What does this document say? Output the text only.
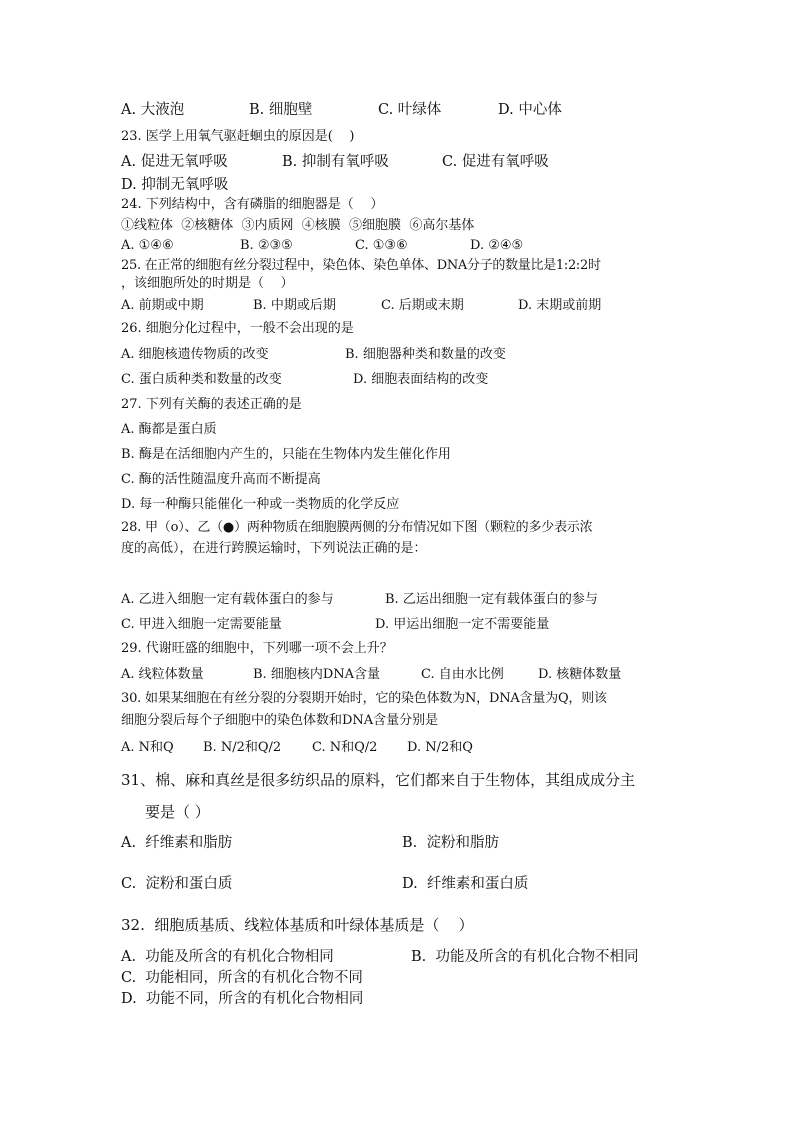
A. 大液泡	B. 细胞壁	C. 叶绿体	D. 中心体
23. 医学上用氧气驱赶蛔虫的原因是(    )
A. 促进无氧呼吸	B. 抑制有氧呼吸	C. 促进有氧呼吸
D. 抑制无氧呼吸
24. 下列结构中，含有磷脂的细胞器是（    ）
①线粒体  ②核糖体  ③内质网  ④核膜  ⑤细胞膜  ⑥高尔基体
A. ①④⑥	B. ②③⑤	C. ①③⑥	D. ②④⑤
25. 在正常的细胞有丝分裂过程中，染色体、染色单体、DNA分子的数量比是1:2:2时
，该细胞所处的时期是（    ）
A. 前期或中期	B. 中期或后期	C. 后期或末期	D. 末期或前期
26. 细胞分化过程中，一般不会出现的是
A. 细胞核遗传物质的改变	B. 细胞器种类和数量的改变
C. 蛋白质种类和数量的改变	D. 细胞表面结构的改变
27. 下列有关酶的表述正确的是
A. 酶都是蛋白质
B. 酶是在活细胞内产生的，只能在生物体内发生催化作用
C. 酶的活性随温度升高而不断提高
D. 每一种酶只能催化一种或一类物质的化学反应
28. 甲（o）、乙（●）两种物质在细胞膜两侧的分布情况如下图（颗粒的多少表示浓
度的高低），在进行跨膜运输时，下列说法正确的是：
A. 乙进入细胞一定有载体蛋白的参与	B. 乙运出细胞一定有载体蛋白的参与
C. 甲进入细胞一定需要能量	D. 甲运出细胞一定不需要能量
29. 代谢旺盛的细胞中，下列哪一项不会上升？
A. 线粒体数量	B. 细胞核内DNA含量	C. 自由水比例	D. 核糖体数量
30. 如果某细胞在有丝分裂的分裂期开始时，它的染色体数为N，DNA含量为Q，则该
细胞分裂后每个子细胞中的染色体数和DNA含量分别是
A. N和Q B. N/2和Q/2 C. N和Q/2 D. N/2和Q
31、棉、麻和真丝是很多纺织品的原料，它们都来自于生物体，其组成成分主
要是（ ）
A.  纤维素和脂肪	B.  淀粉和脂肪
C.  淀粉和蛋白质	D.  纤维素和蛋白质
32.  细胞质基质、线粒体基质和叶绿体基质是（    ）
A.  功能及所含的有机化合物相同	B.  功能及所含的有机化合物不相同
C.  功能相同，所含的有机化合物不同
D.  功能不同，所含的有机化合物相同
